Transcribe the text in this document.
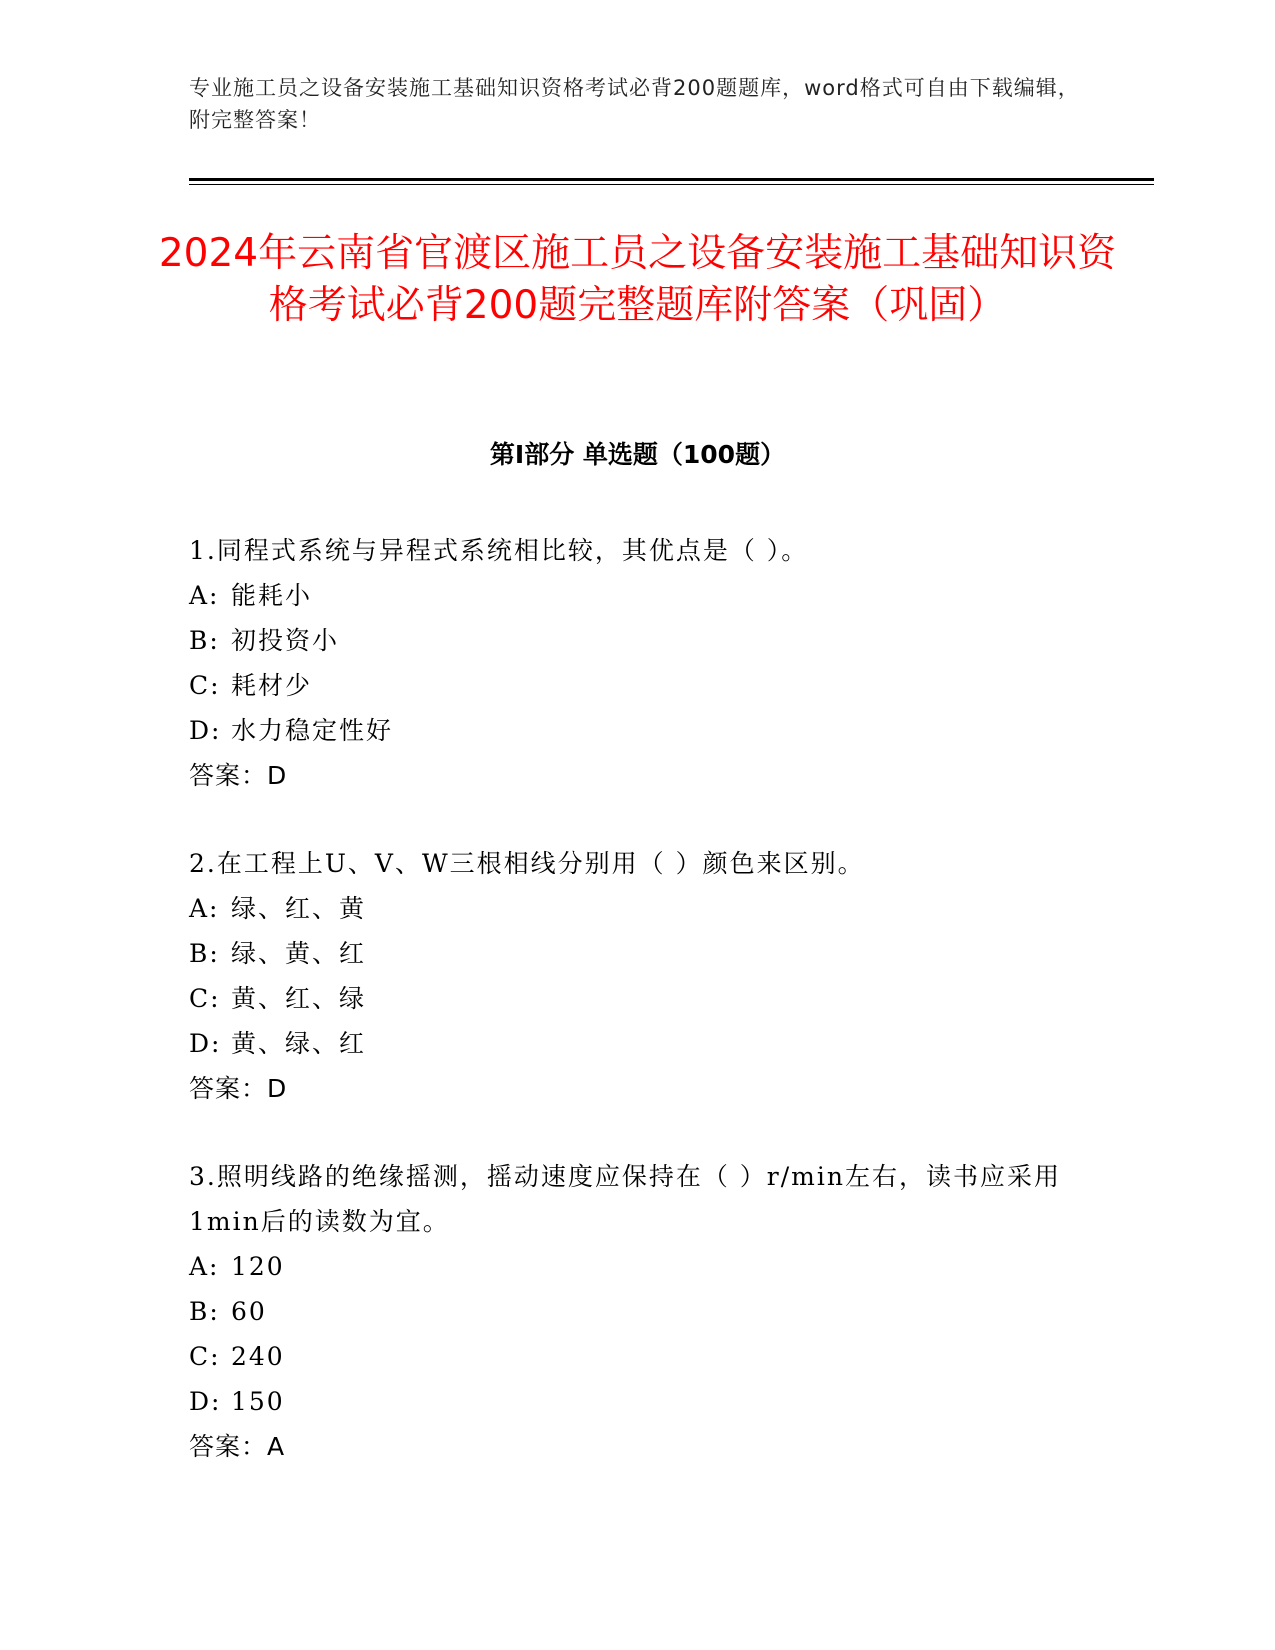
专业施工员之设备安装施工基础知识资格考试必背200题题库，word格式可自由下载编辑，附完整答案！
2024年云南省官渡区施工员之设备安装施工基础知识资格考试必背200题完整题库附答案（巩固）
第Ⅰ部分 单选题（100题）

1.同程式系统与异程式系统相比较，其优点是（ ）。

A: 能耗小
B: 初投资小
C: 耗材少
D: 水力稳定性好
答案：D

2.在工程上U、V、W三根相线分别用（ ）颜色来区别。

A: 绿、红、黄
B: 绿、黄、红
C: 黄、红、绿
D: 黄、绿、红
答案：D

3.照明线路的绝缘摇测，摇动速度应保持在（ ）r/min左右，读书应采用1min后的读数为宜。

A: 120
B: 60
C: 240
D: 150
答案：A
